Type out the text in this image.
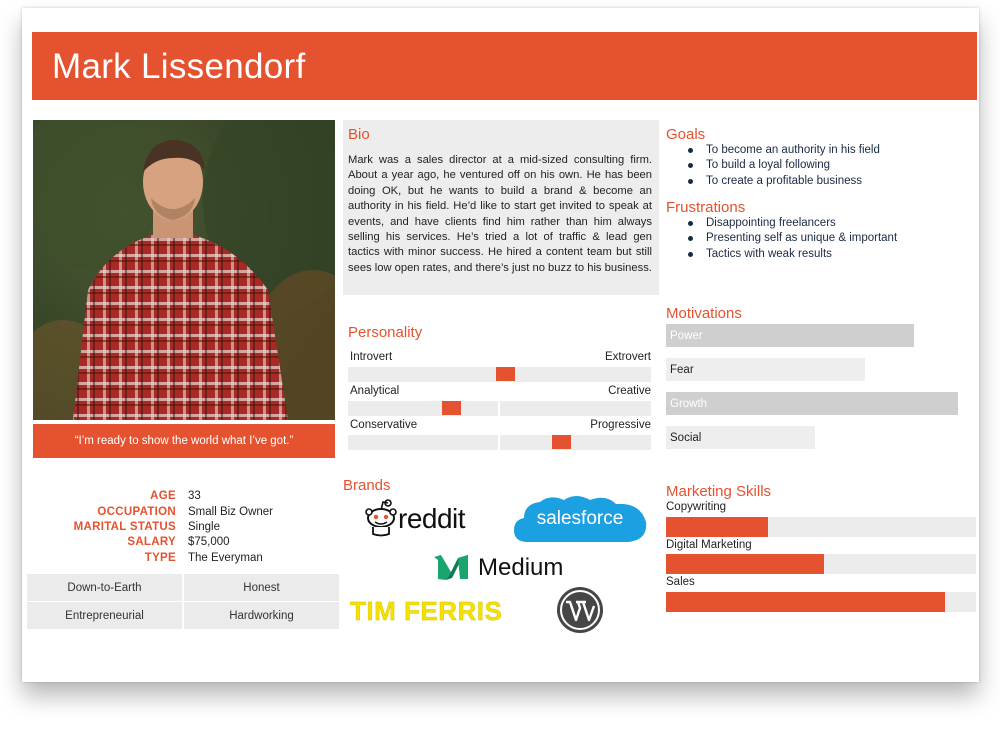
Mark Lissendorf
“I’m ready to show the world what I’ve got.”
Bio
Mark was a sales director at a mid-sized consulting firm. About a year ago, he ventured off on his own. He has been doing OK, but he wants to build a brand & become an authority in his field. He’d like to start get invited to speak at events, and have clients find him rather than him always selling his services. He’s tried a lot of traffic & lead gen tactics with minor success. He hired a content team but still sees low open rates, and there’s just no buzz to his business.
Goals
To become an authority in his field
To build a loyal following
To create a profitable business
Frustrations
Disappointing freelancers
Presenting self as unique & important
Tactics with weak results
Personality
Introvert	Extrovert
Analytical	Creative
Conservative	Progressive
Motivations
Power
Fear
Growth
Social
Marketing Skills
Copywriting
Digital Marketing
Sales
AGE 33
OCCUPATION Small Biz Owner
MARITAL STATUS Single
SALARY $75,000
TYPE The Everyman
Down-to-Earth	Honest
Entrepreneurial	Hardworking
Brands
reddit	salesforce
Medium
TIM FERRIS
